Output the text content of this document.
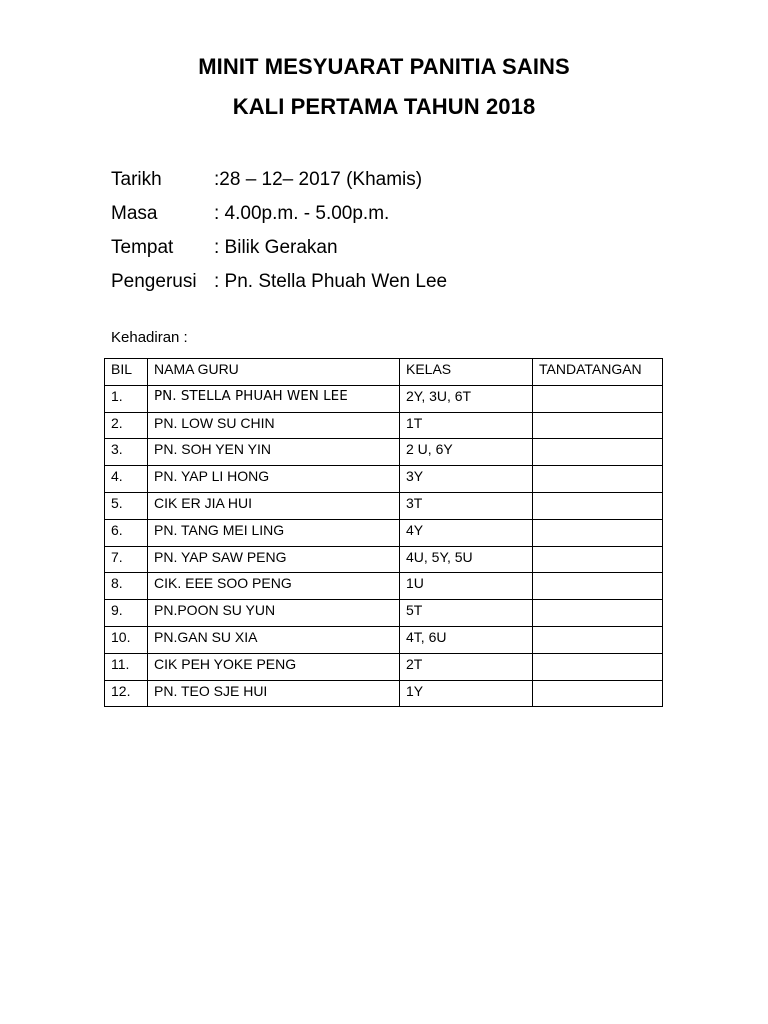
MINIT MESYUARAT PANITIA SAINS
KALI PERTAMA TAHUN 2018
Tarikh	:28 – 12– 2017 (Khamis)
Masa	: 4.00p.m. - 5.00p.m.
Tempat	: Bilik Gerakan
Pengerusi : Pn. Stella Phuah Wen Lee
Kehadiran :
BIL	NAMA GURU	KELAS	TANDATANGAN
1.	PN. STELLA PHUAH WEN LEE	2Y, 3U, 6T	
2.	PN. LOW SU CHIN	1T	
3.	PN. SOH YEN YIN	2 U, 6Y	
4.	PN. YAP LI HONG	3Y	
5.	CIK ER JIA HUI	3T	
6.	PN. TANG MEI LING	4Y	
7.	PN. YAP SAW PENG	4U, 5Y, 5U	
8.	CIK. EEE SOO PENG	1U	
9.	PN.POON SU YUN	5T	
10.	PN.GAN SU XIA	4T, 6U	
11.	CIK PEH YOKE PENG	2T	
12.	PN. TEO SJE HUI	1Y	
